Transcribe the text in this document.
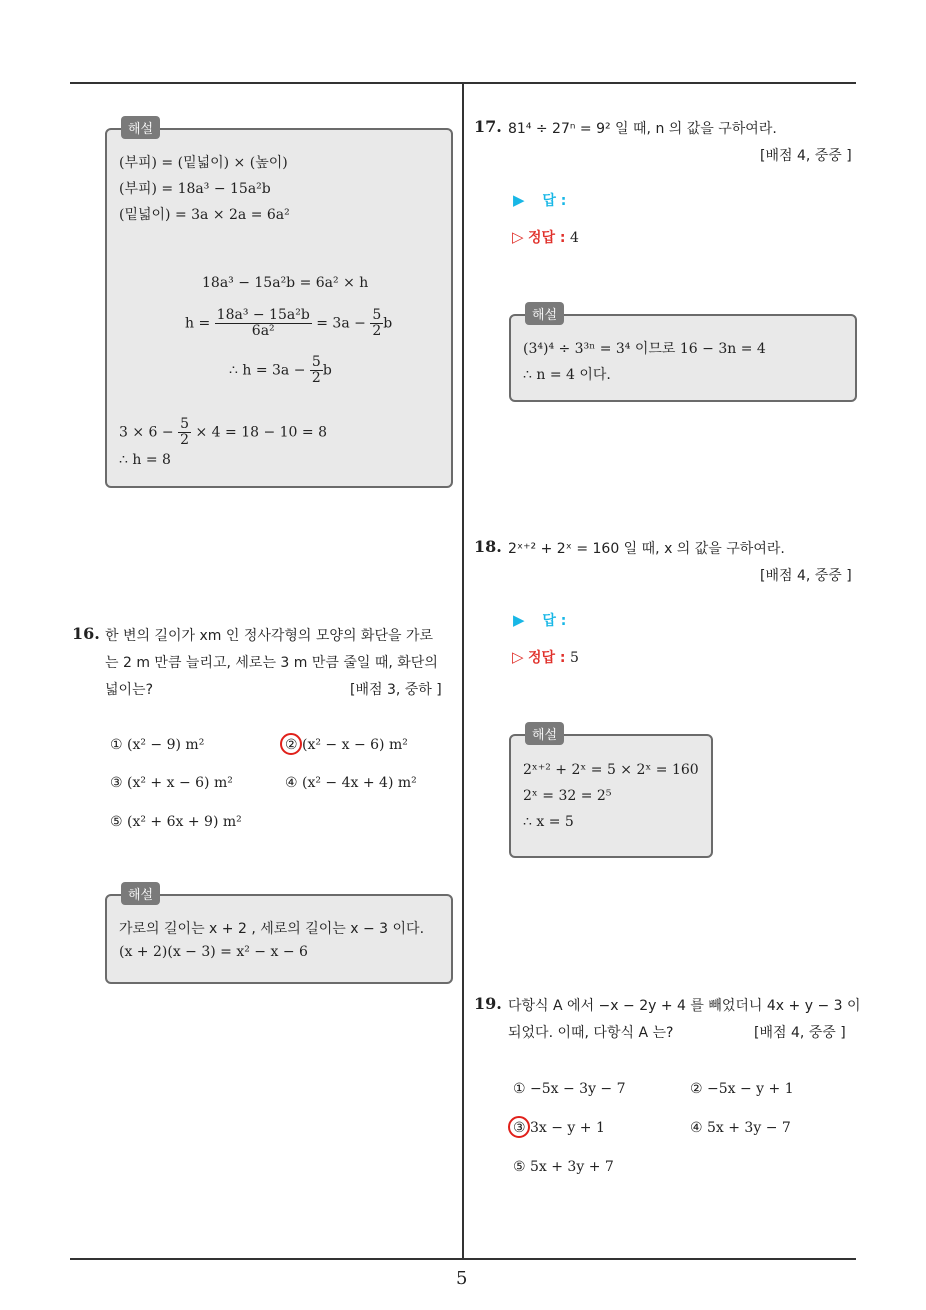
5
해설
(부피) = (밑넓이) × (높이)
(부피) = 18a³ − 15a²b
(밑넓이) = 3a × 2a = 6a²
18a³ − 15a²b = 6a² × h
$h = \frac{\text{18a³ − 15a²b}}{\text{6a²}} = 3a - \frac{5}{2}$ b
∴ $h = 3a - \frac{5}{2}$ b
$3 \times 6 - \frac{5}{2} \times 4 = 18 - 10 = 8$
∴ h = 8
16. 한 변의 길이가 xm 인 정사각형의 모양의 화단을 가로
는 2 m 만큼 늘리고, 세로는 3 m 만큼 줄일 때, 화단의
넓이는?	[배점 3, 중하 ]
① (x² − 9) m²	② (x² − x − 6) m²
③ (x² + x − 6) m²	④ (x² − 4x + 4) m²
⑤ (x² + 6x + 9) m²
해설
가로의 길이는 x + 2 , 세로의 길이는 x − 3 이다.
(x + 2)(x − 3) = x² − x − 6
17. 81⁴ ÷ 27ⁿ = 9² 일 때, n 의 값을 구하여라.
[배점 4, 중중 ]
▶ 답 :
▷ 정답 : 4
해설
(3⁴)⁴ ÷ 3³ⁿ = 3⁴ 이므로 16 − 3n = 4
∴ n = 4 이다.
18. 2ˣ⁺² + 2ˣ = 160 일 때, x 의 값을 구하여라.
[배점 4, 중중 ]
▶ 답 :
▷ 정답 : 5
해설
2ˣ⁺² + 2ˣ = 5 × 2ˣ = 160
2ˣ = 32 = 2⁵
∴ x = 5
19. 다항식 A 에서 −x − 2y + 4 를 빼었더니 4x + y − 3 이
되었다. 이때, 다항식 A 는?	[배점 4, 중중 ]
① −5x − 3y − 7	② −5x − y + 1
③ 3x − y + 1	④ 5x + 3y − 7
⑤ 5x + 3y + 7
